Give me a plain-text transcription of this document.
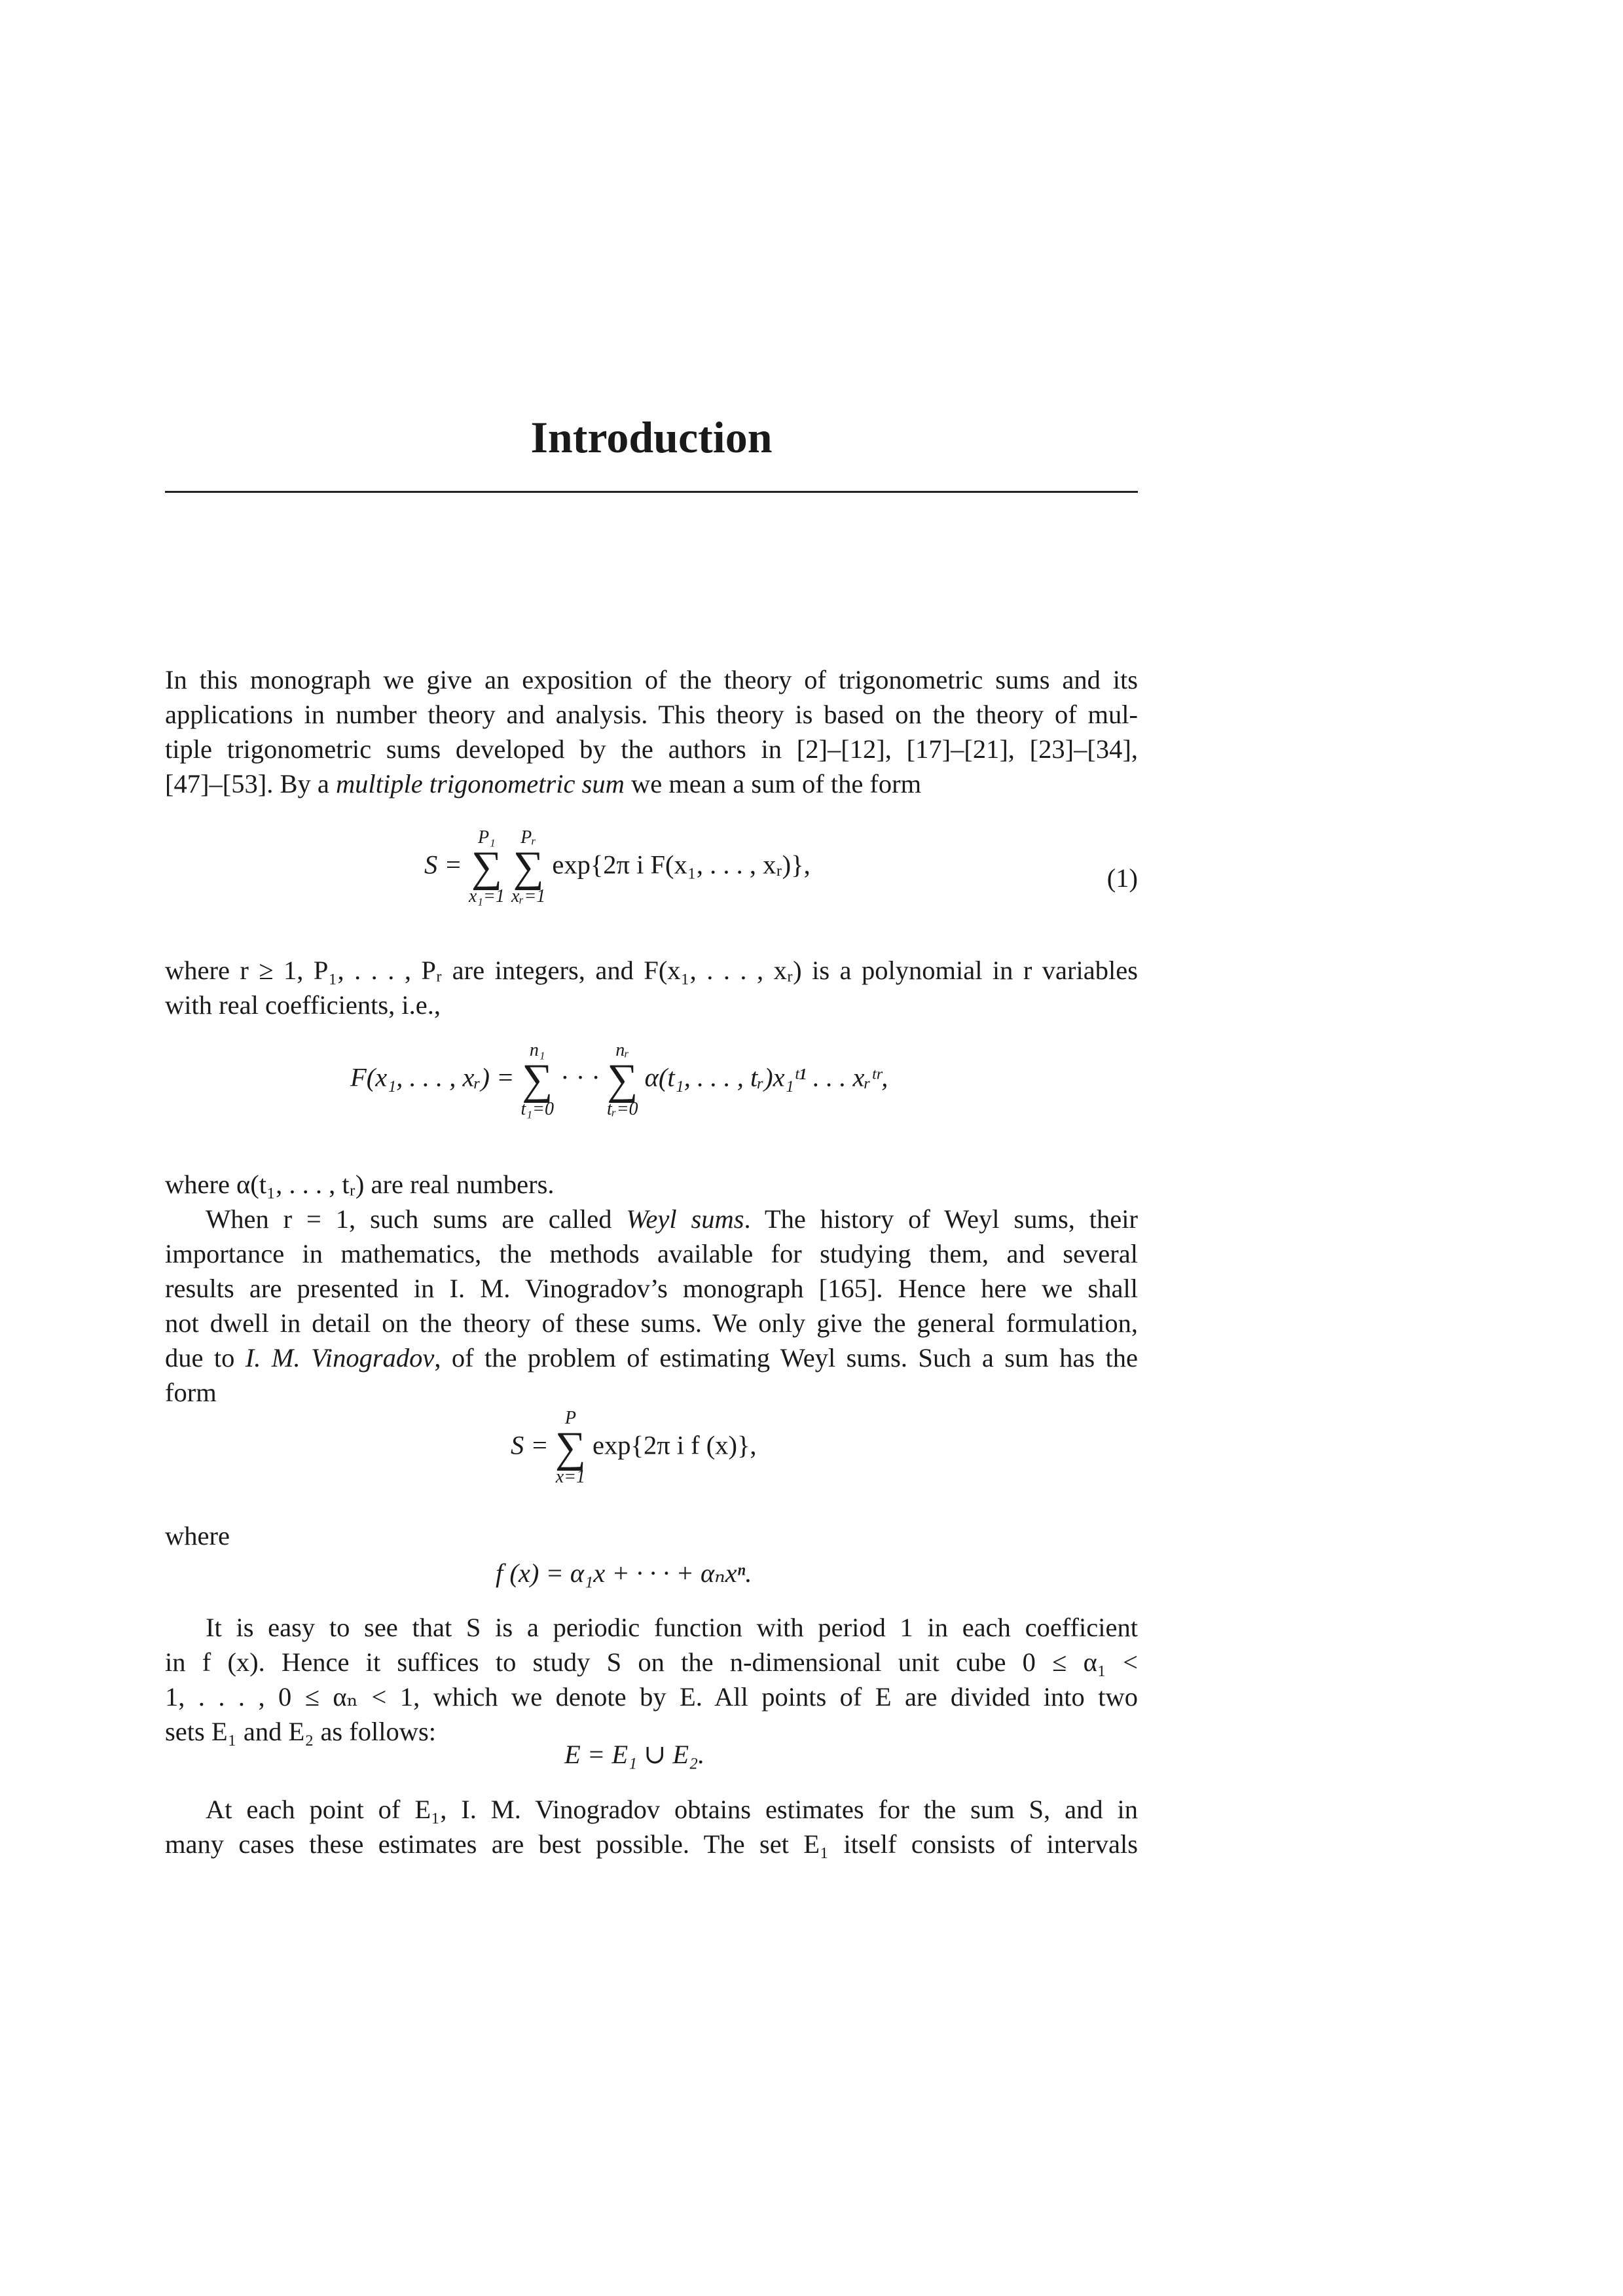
Introduction
In this monograph we give an exposition of the theory of trigonometric sums and its
applications in number theory and analysis. This theory is based on the theory of mul-
tiple trigonometric sums developed by the authors in [2]–[12], [17]–[21], [23]–[34],
[47]–[53]. By a multiple trigonometric sum we mean a sum of the form
S =
P₁
∑
x₁=1

Pᵣ
∑
xᵣ=1
exp{2π i F(x₁, . . . , xᵣ)},	(1)
where r ≥ 1, P₁, . . . , Pᵣ are integers, and F(x₁, . . . , xᵣ) is a polynomial in r variables
with real coefficients, i.e.,
F(x₁, . . . , xᵣ) =
n₁
∑
t₁=0
· · ·
nᵣ
∑
tᵣ=0
α(t₁, . . . , tᵣ)x₁ᵗ¹ . . . xᵣᵗʳ,
where α(t₁, . . . , tᵣ) are real numbers.
When r = 1, such sums are called Weyl sums. The history of Weyl sums, their
importance in mathematics, the methods available for studying them, and several
results are presented in I. M. Vinogradov’s monograph [165]. Hence here we shall
not dwell in detail on the theory of these sums. We only give the general formulation,
due to I. M. Vinogradov, of the problem of estimating Weyl sums. Such a sum has the
form
S =
P
∑
x=1
exp{2π i f (x)},
where
f (x) = α₁x + · · · + αₙxⁿ.
It is easy to see that S is a periodic function with period 1 in each coefficient
in f (x). Hence it suffices to study S on the n-dimensional unit cube 0 ≤ α₁ <
1, . . . , 0 ≤ αₙ < 1, which we denote by E. All points of E are divided into two
sets E₁ and E₂ as follows:
E = E₁ ∪ E₂.
At each point of E₁, I. M. Vinogradov obtains estimates for the sum S, and in
many cases these estimates are best possible. The set E₁ itself consists of intervals
